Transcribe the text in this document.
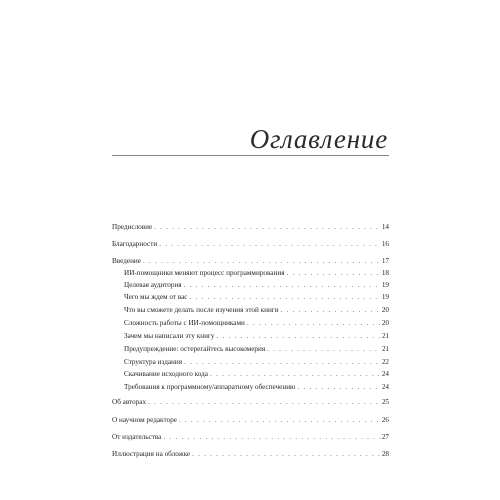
Оглавление
Предисловие . . .	14
Благодарности . . .	16
Введение . . .	17
ИИ-помощники меняют процесс программирования . . .	18
Целевая аудитория . . .	19
Чего мы ждем от вас . . .	19
Что вы сможете делать после изучения этой книги . . .	20
Сложность работы с ИИ-помощниками . . .	20
Зачем мы написали эту книгу . . .	21
Предупреждение: остерегайтесь высокомерия . . .	21
Структура издания . . .	22
Скачивание исходного кода . . .	24
Требования к программному/аппаратному обеспечению . . .	24
Об авторах . . .	25
О научном редакторе . . .	26
От издательства . . .	27
Иллюстрация на обложке . . .	28
